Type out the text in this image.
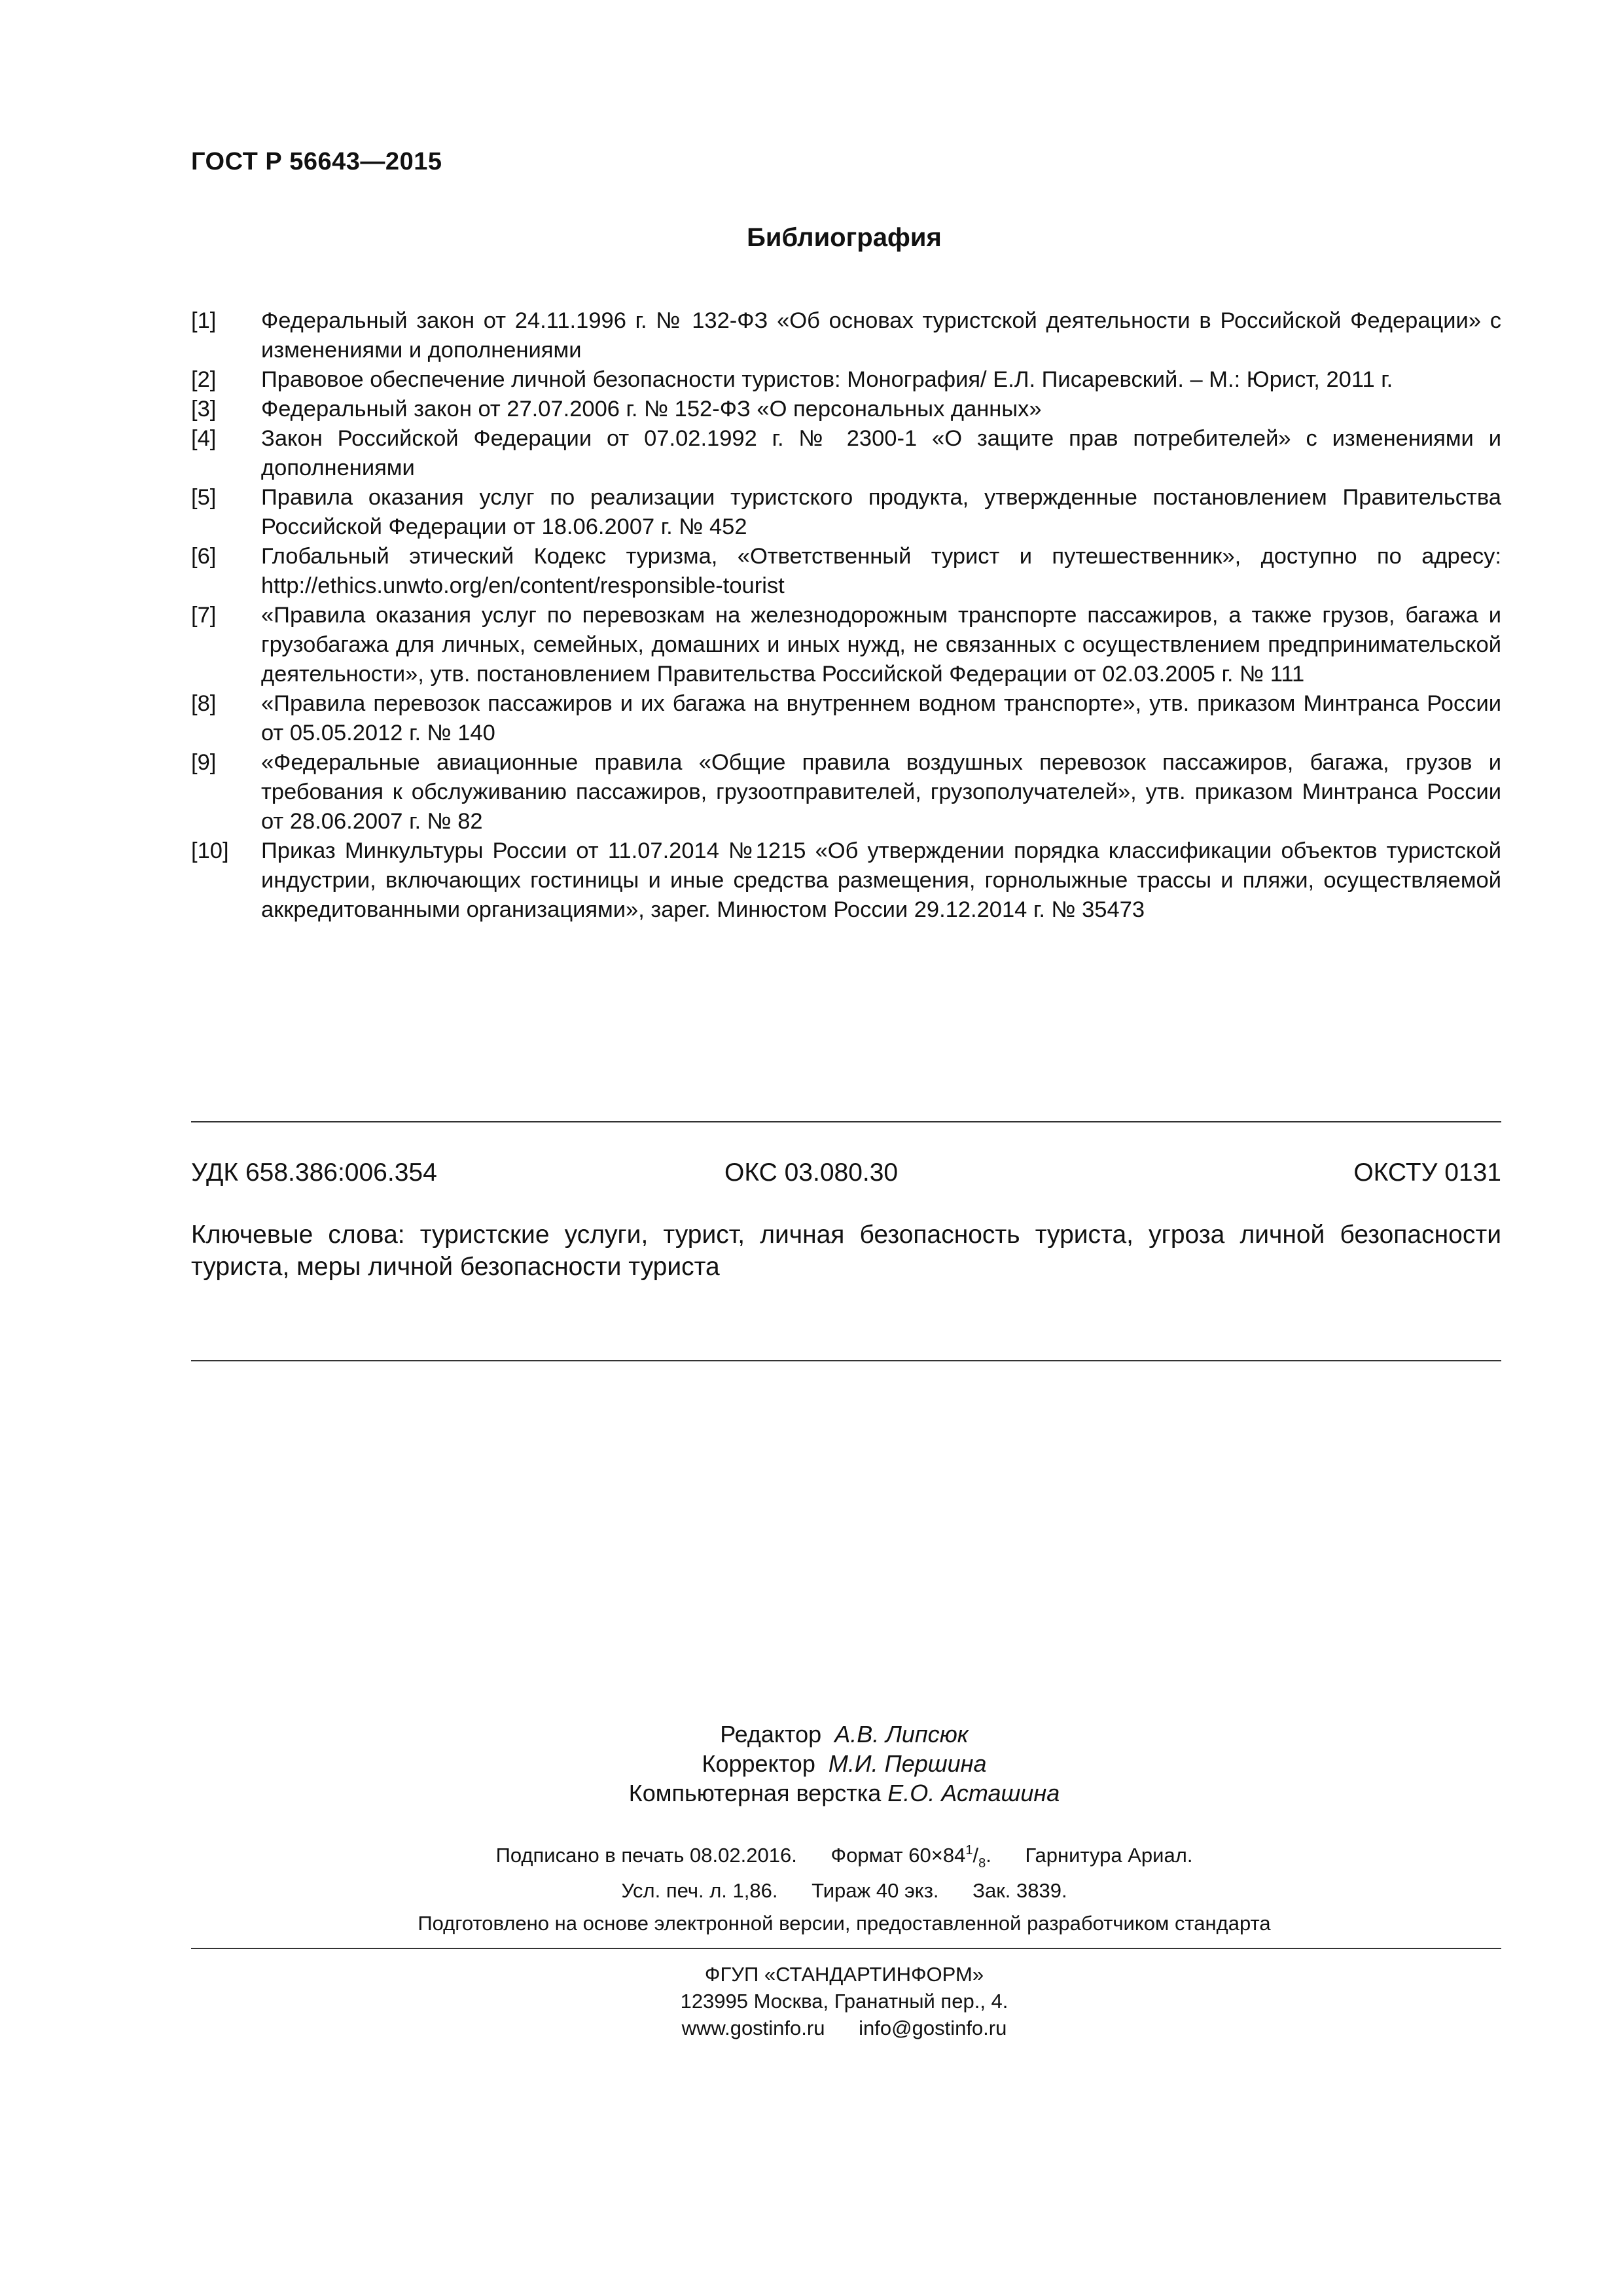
ГОСТ Р 56643—2015
Библиография
[1] Федеральный закон от 24.11.1996 г. № 132-ФЗ «Об основах туристской деятельности в Российской Федерации» с изменениями и дополнениями
[2] Правовое обеспечение личной безопасности туристов: Монография/ Е.Л. Писаревский. – М.: Юрист, 2011 г.
[3] Федеральный закон от 27.07.2006 г. № 152-ФЗ «О персональных данных»
[4] Закон Российской Федерации от 07.02.1992 г. № 2300-1 «О защите прав потребителей» с изменениями и дополнениями
[5] Правила оказания услуг по реализации туристского продукта, утвержденные постановлением Правительства Российской Федерации от 18.06.2007 г. № 452
[6] Глобальный этический Кодекс туризма, «Ответственный турист и путешественник», доступно по адресу: http://ethics.unwto.org/en/content/responsible-tourist
[7] «Правила оказания услуг по перевозкам на железнодорожным транспорте пассажиров, а также грузов, багажа и грузобагажа для личных, семейных, домашних и иных нужд, не связанных с осуществлением предпринимательской деятельности», утв. постановлением Правительства Российской Федерации от 02.03.2005 г. № 111
[8] «Правила перевозок пассажиров и их багажа на внутреннем водном транспорте», утв. приказом Минтранса России от 05.05.2012 г. № 140
[9] «Федеральные авиационные правила «Общие правила воздушных перевозок пассажиров, багажа, грузов и требования к обслуживанию пассажиров, грузоотправителей, грузополучателей», утв. приказом Минтранса России от 28.06.2007 г. № 82
[10] Приказ Минкультуры России от 11.07.2014 №1215 «Об утверждении порядка классификации объектов туристской индустрии, включающих гостиницы и иные средства размещения, горнолыжные трассы и пляжи, осуществляемой аккредитованными организациями», зарег. Минюстом России 29.12.2014 г. № 35473
УДК 658.386:006.354	ОКС 03.080.30	ОКСТУ 0131
Ключевые слова: туристские услуги, турист, личная безопасность туриста, угроза личной безопасности туриста, меры личной безопасности туриста
Редактор А.В. Липсюк
Корректор М.И. Першина
Компьютерная верстка Е.О. Асташина
Подписано в печать 08.02.2016. Формат $60\times 84^1/_8$.      Гарнитура Ариал.
Усл. печ. л. 1,86. Тираж 40 экз. Зак. 3839.
Подготовлено на основе электронной версии, предоставленной разработчиком стандарта
ФГУП «СТАНДАРТИНФОРМ»
123995 Москва, Гранатный пер., 4.
www.gostinfo.ru info@gostinfo.ru
